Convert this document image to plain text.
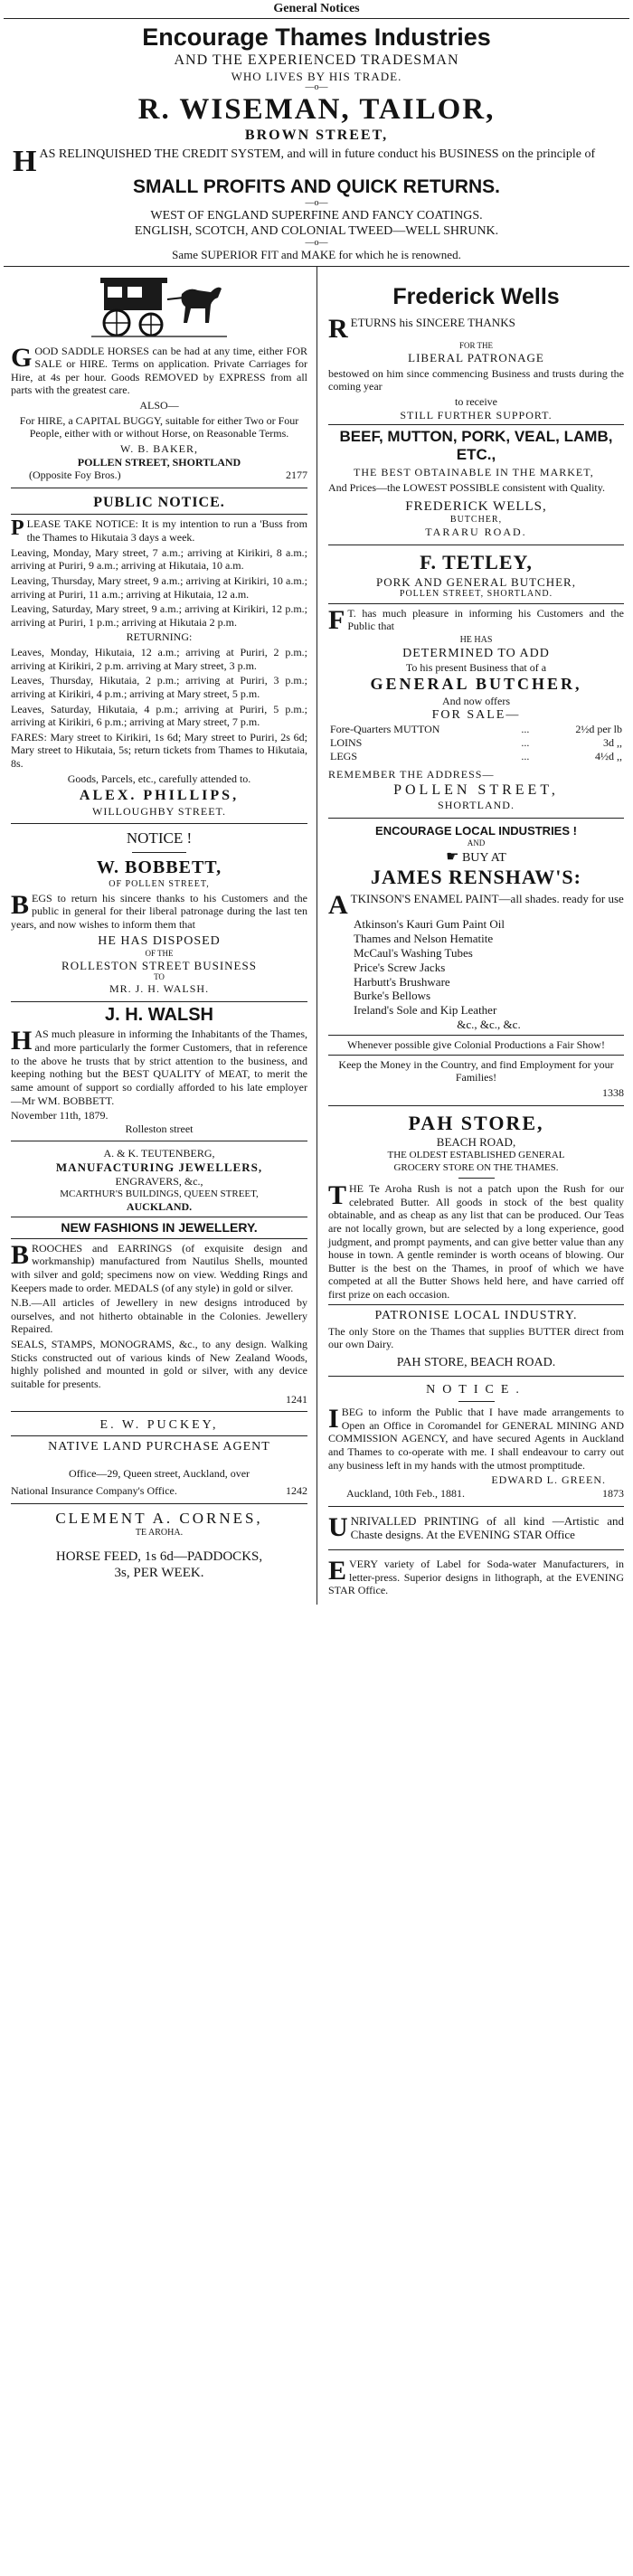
General Notices
Encourage Thames Industries
AND THE EXPERIENCED TRADESMAN
WHO LIVES BY HIS TRADE.
—o—
R. WISEMAN, TAILOR,
BROWN STREET,

HAS RELINQUISHED THE CREDIT SYSTEM, and will in future conduct his BUSINESS on the principle of

SMALL PROFITS AND QUICK RETURNS.
—o—
WEST OF ENGLAND SUPERFINE AND FANCY COATINGS.
ENGLISH, SCOTCH, AND COLONIAL TWEED—WELL SHRUNK.
—o—
Same SUPERIOR FIT and MAKE for which he is renowned.

GOOD SADDLE HORSES can be had at any time, either FOR SALE or HIRE. Terms on application. Private Carriages for Hire, at 4s per hour. Goods REMOVED by EXPRESS from all parts with the greatest care.

ALSO—

For HIRE, a CAPITAL BUGGY, suitable for either Two or Four People, either with or without Horse, on Reasonable Terms.

W. B. BAKER,
POLLEN STREET, SHORTLAND
(Opposite Foy Bros.)	2177
PUBLIC NOTICE.

PLEASE TAKE NOTICE: It is my intention to run a 'Buss from the Thames to Hikutaia 3 days a week.

Leaving, Monday, Mary street, 7 a.m.; arriving at Kirikiri, 8 a.m.; arriving at Puriri, 9 a.m.; arriving at Hikutaia, 10 a.m.

Leaving, Thursday, Mary street, 9 a.m.; arriving at Kirikiri, 10 a.m.; arriving at Puriri, 11 a.m.; arriving at Hikutaia, 12 a.m.

Leaving, Saturday, Mary street, 9 a.m.; arriving at Kirikiri, 12 p.m.; arriving at Puriri, 1 p.m.; arriving at Hikutaia 2 p.m.

RETURNING:

Leaves, Monday, Hikutaia, 12 a.m.; arriving at Puriri, 2 p.m.; arriving at Kirikiri, 2 p.m. arriving at Mary street, 3 p.m.

Leaves, Thursday, Hikutaia, 2 p.m.; arriving at Puriri, 3 p.m.; arriving at Kirikiri, 4 p.m.; arriving at Mary street, 5 p.m.

Leaves, Saturday, Hikutaia, 4 p.m.; arriving at Puriri, 5 p.m.; arriving at Kirikiri, 6 p.m.; arriving at Mary street, 7 p.m.

FARES: Mary street to Kirikiri, 1s 6d; Mary street to Puriri, 2s 6d; Mary street to Hikutaia, 5s; return tickets from Thames to Hikutaia, 8s.

Goods, Parcels, etc., carefully attended to.

ALEX. PHILLIPS,
WILLOUGHBY STREET.
NOTICE !
W. BOBBETT,
OF POLLEN STREET,

BEGS to return his sincere thanks to his Customers and the public in general for their liberal patronage during the last ten years, and now wishes to inform them that

HE HAS DISPOSED
OF THE
ROLLESTON STREET BUSINESS
TO
MR. J. H. WALSH.
J. H. WALSH

HAS much pleasure in informing the Inhabitants of the Thames, and more particularly the former Customers, that in reference to the above he trusts that by strict attention to the business, and keeping nothing but the BEST QUALITY of MEAT, to merit the same amount of support so cordially afforded to his late employer—Mr WM. BOBBETT.

November 11th, 1879.
Rolleston street
A. & K. TEUTENBERG,
MANUFACTURING JEWELLERS,
ENGRAVERS, &c.,
MCARTHUR'S BUILDINGS, QUEEN STREET,
AUCKLAND.
NEW FASHIONS IN JEWELLERY.

BROOCHES and EARRINGS (of exquisite design and workmanship) manufactured from Nautilus Shells, mounted with silver and gold; specimens now on view. Wedding Rings and Keepers made to order. MEDALS (of any style) in gold or silver.

N.B.—All articles of Jewellery in new designs introduced by ourselves, and not hitherto obtainable in the Colonies. Jewellery Repaired.

SEALS, STAMPS, MONOGRAMS, &c., to any design. Walking Sticks constructed out of various kinds of New Zealand Woods, highly polished and mounted in gold or silver, with any device suitable for presents.

1241
E. W. PUCKEY,
NATIVE LAND PURCHASE AGENT
Office—29, Queen street, Auckland, over
National Insurance Company's Office.	1242
CLEMENT A. CORNES,
TE AROHA.
HORSE FEED, 1s 6d—PADDOCKS,
3s, PER WEEK.
Frederick Wells

RETURNS his SINCERE THANKS

FOR THE
LIBERAL PATRONAGE

bestowed on him since commencing Business and trusts during the coming year

to receive
STILL FURTHER SUPPORT.
BEEF, MUTTON, PORK, VEAL, LAMB, ETC.,

THE BEST OBTAINABLE IN THE MARKET,

And Prices—the LOWEST POSSIBLE consistent with Quality.

FREDERICK WELLS,
BUTCHER,
TARARU ROAD.
F. TETLEY,
PORK AND GENERAL BUTCHER,
POLLEN STREET, SHORTLAND.

F T. has much pleasure in informing his Customers and the Public that

HE HAS
DETERMINED TO ADD
To his present Business that of a
GENERAL BUTCHER,
And now offers
FOR SALE—
Fore-Quarters MUTTON	...	2½d per lb
LOINS	...	3d ,,
LEGS	...	4½d ,,
REMEMBER THE ADDRESS—
POLLEN STREET,
SHORTLAND.
ENCOURAGE LOCAL INDUSTRIES !
AND
☛ BUY AT
JAMES RENSHAW'S:

ATKINSON'S ENAMEL PAINT—all shades. ready for use

Atkinson's Kauri Gum Paint Oil
Thames and Nelson Hematite
McCaul's Washing Tubes
Price's Screw Jacks
Harbutt's Brushware
Burke's Bellows
Ireland's Sole and Kip Leather
&c., &c., &c.

Whenever possible give Colonial Productions a Fair Show!

Keep the Money in the Country, and find Employment for your Families!

1338
PAH STORE,
BEACH ROAD,
THE OLDEST ESTABLISHED GENERAL
GROCERY STORE ON THE THAMES.

THE Te Aroha Rush is not a patch upon the Rush for our celebrated Butter. All goods in stock of the best quality obtainable, and as cheap as any list that can be produced. Our Teas are not locally grown, but are selected by a long experience, good judgment, and prompt payments, and can give better value than any house in town. A gentle reminder is worth oceans of blowing. Our Butter is the best on the Thames, in proof of which we have competed at all the Butter Shows held here, and have carried off first prize on each occasion.

PATRONISE LOCAL INDUSTRY.

The only Store on the Thames that supplies BUTTER direct from our own Dairy.

PAH STORE, BEACH ROAD.
NOTICE.

IBEG to inform the Public that I have made arrangements to Open an Office in Coromandel for GENERAL MINING AND COMMISSION AGENCY, and have secured Agents in Auckland and Thames to co-operate with me. I shall endeavour to carry out any business left in my hands with the utmost promptitude.

EDWARD L. GREEN.
Auckland, 10th Feb., 1881.	1873

UNRIVALLED PRINTING of all kind —Artistic and Chaste designs. At the EVENING STAR Office

EVERY variety of Label for Soda-water Manufacturers, in letter-press. Superior designs in lithograph, at the EVENING STAR Office.
